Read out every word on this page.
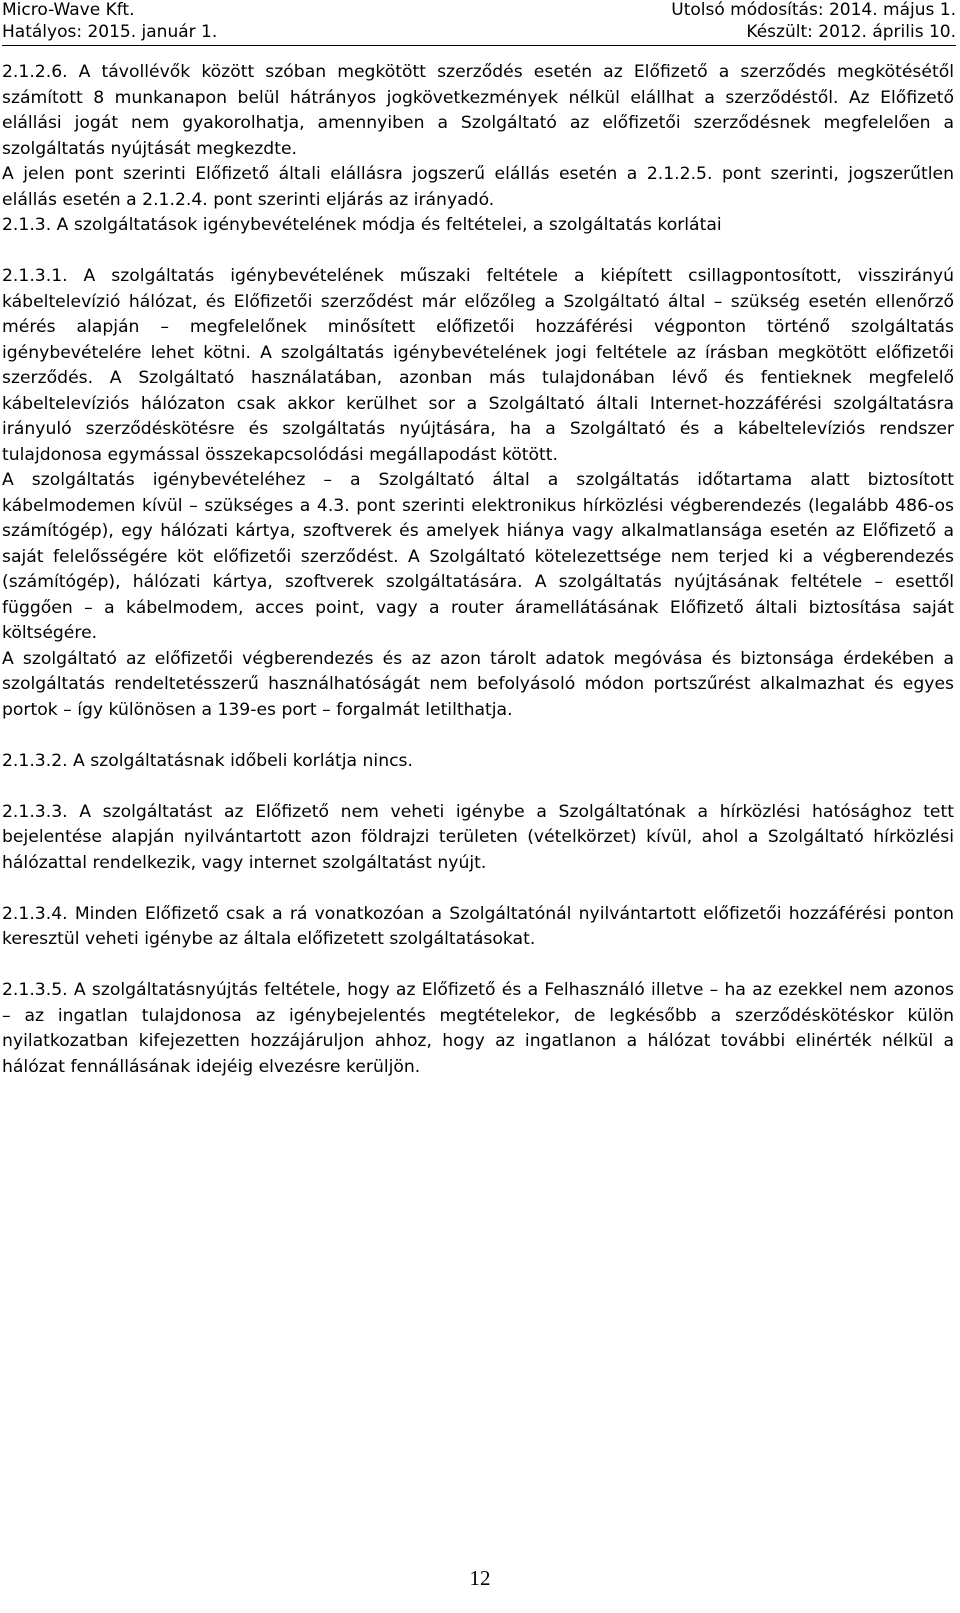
Micro-Wave Kft.	Utolsó módosítás: 2014. május 1.
Hatályos: 2015. január 1.	Készült: 2012. április 10.

2.1.2.6. A távollévők között szóban megkötött szerződés esetén az Előfizető a szerződés megkötésétől számított 8 munkanapon belül hátrányos jogkövetkezmények nélkül elállhat a szerződéstől. Az Előfizető elállási jogát nem gyakorolhatja, amennyiben a Szolgáltató az előfizetői szerződésnek megfelelően a szolgáltatás nyújtását megkezdte.

A jelen pont szerinti Előfizető általi elállásra jogszerű elállás esetén a 2.1.2.5. pont szerinti, jogszerűtlen elállás esetén a 2.1.2.4. pont szerinti eljárás az irányadó.

2.1.3. A szolgáltatások igénybevételének módja és feltételei, a szolgáltatás korlátai

2.1.3.1. A szolgáltatás igénybevételének műszaki feltétele a kiépített csillagpontosított, visszirányú kábeltelevízió hálózat, és Előfizetői szerződést már előzőleg a Szolgáltató által – szükség esetén ellenőrző mérés alapján – megfelelőnek minősített előfizetői hozzáférési végponton történő szolgáltatás igénybevételére lehet kötni. A szolgáltatás igénybevételének jogi feltétele az írásban megkötött előfizetői szerződés. A Szolgáltató használatában, azonban más tulajdonában lévő és fentieknek megfelelő kábeltelevíziós hálózaton csak akkor kerülhet sor a Szolgáltató általi Internet-hozzáférési szolgáltatásra irányuló szerződéskötésre és szolgáltatás nyújtására, ha a Szolgáltató és a kábeltelevíziós rendszer tulajdonosa egymással összekapcsolódási megállapodást kötött.

A szolgáltatás igénybevételéhez – a Szolgáltató által a szolgáltatás időtartama alatt biztosított kábelmodemen kívül – szükséges a 4.3. pont szerinti elektronikus hírközlési végberendezés (legalább 486-os számítógép), egy hálózati kártya, szoftverek és amelyek hiánya vagy alkalmatlansága esetén az Előfizető a saját felelősségére köt előfizetői szerződést. A Szolgáltató kötelezettsége nem terjed ki a végberendezés (számítógép), hálózati kártya, szoftverek szolgáltatására. A szolgáltatás nyújtásának feltétele – esettől függően – a kábelmodem, acces point, vagy a router áramellátásának Előfizető általi biztosítása saját költségére.

A szolgáltató az előfizetői végberendezés és az azon tárolt adatok megóvása és biztonsága érdekében a szolgáltatás rendeltetésszerű használhatóságát nem befolyásoló módon portszűrést alkalmazhat és egyes portok – így különösen a 139-es port – forgalmát letilthatja.

2.1.3.2. A szolgáltatásnak időbeli korlátja nincs.

2.1.3.3. A szolgáltatást az Előfizető nem veheti igénybe a Szolgáltatónak a hírközlési hatósághoz tett bejelentése alapján nyilvántartott azon földrajzi területen (vételkörzet) kívül, ahol a Szolgáltató hírközlési hálózattal rendelkezik, vagy internet szolgáltatást nyújt.

2.1.3.4. Minden Előfizető csak a rá vonatkozóan a Szolgáltatónál nyilvántartott előfizetői hozzáférési ponton keresztül veheti igénybe az általa előfizetett szolgáltatásokat.

2.1.3.5. A szolgáltatásnyújtás feltétele, hogy az Előfizető és a Felhasználó illetve – ha az ezekkel nem azonos – az ingatlan tulajdonosa az igénybejelentés megtételekor, de legkésőbb a szerződéskötéskor külön nyilatkozatban kifejezetten hozzájáruljon ahhoz, hogy az ingatlanon a hálózat további elinérték nélkül a hálózat fennállásának idejéig elvezésre kerüljön.

12
